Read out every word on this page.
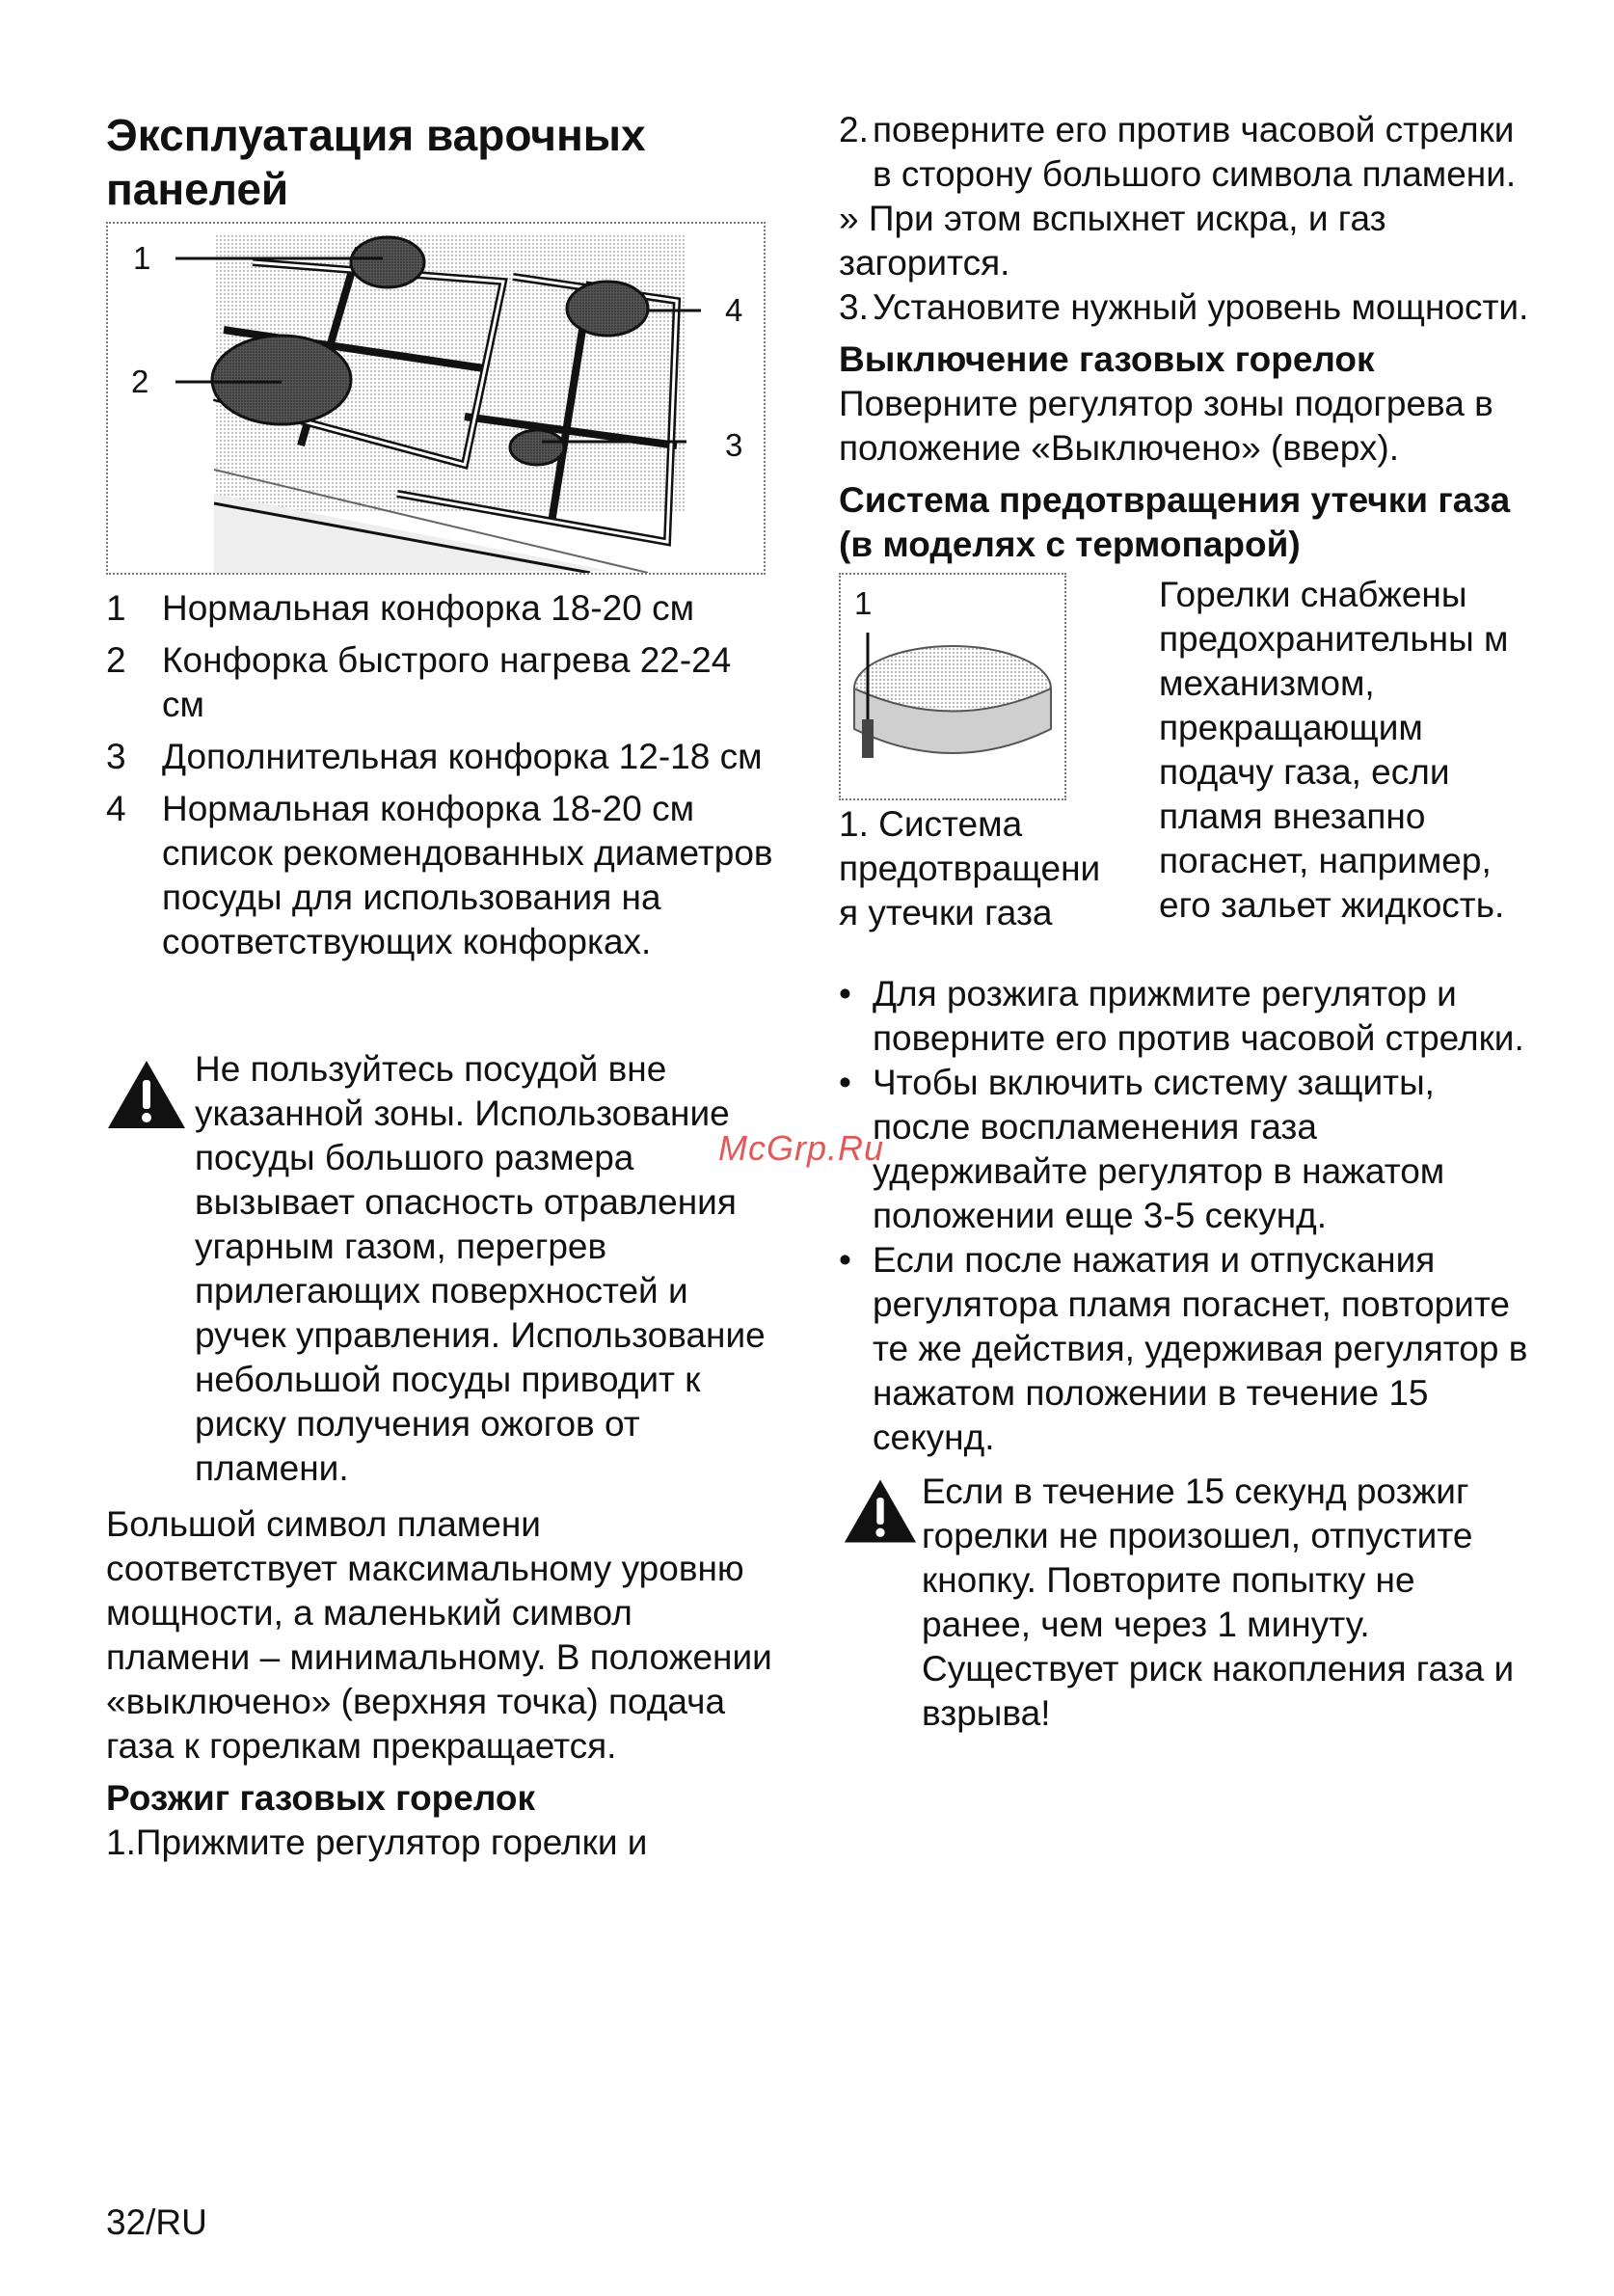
Эксплуатация варочных панелей
1
2
3
4
1 Нормальная конфорка 18-20 см
2 Конфорка быстрого нагрева 22-24 см
3 Дополнительная конфорка 12-18 см
4 Нормальная конфорка 18-20 см список рекомендованных диаметров посуды для использования на соответствующих конфорках.

Не пользуйтесь посудой вне указанной зоны. Использование посуды большого размера вызывает опасность отравления угарным газом, перегрев прилегающих поверхностей и ручек управления. Использование небольшой посуды приводит к риску получения ожогов от пламени.

Большой символ пламени соответствует максимальному уровню мощности, а маленький символ пламени – минимальному. В положении «выключено» (верхняя точка) подача газа к горелкам прекращается.

Розжиг газовых горелок

1.Прижмите регулятор горелки и

2. поверните его против часовой стрелки в сторону большого символа пламени.

» При этом вспыхнет искра, и газ загорится.

3. Установите нужный уровень мощности.

Выключение газовых горелок

Поверните регулятор зоны подогрева в положение «Выключено» (вверх).

Система предотвращения утечки газа (в моделях с термопарой)
1
1. Система предотвращени я утечки газа
Горелки снабжены предохранительны м механизмом, прекращающим подачу газа, если пламя внезапно погаснет, например, его зальет жидкость.

• Для розжига прижмите регулятор и поверните его против часовой стрелки.

• Чтобы включить систему защиты, после воспламенения газа удерживайте регулятор в нажатом положении еще 3-5 секунд.

• Если после нажатия и отпускания регулятора пламя погаснет, повторите те же действия, удерживая регулятор в нажатом положении в течение 15 секунд.

Если в течение 15 секунд розжиг горелки не произошел, отпустите кнопку. Повторите попытку не ранее, чем через 1 минуту. Существует риск накопления газа и взрыва!

McGrp.Ru
32/RU
